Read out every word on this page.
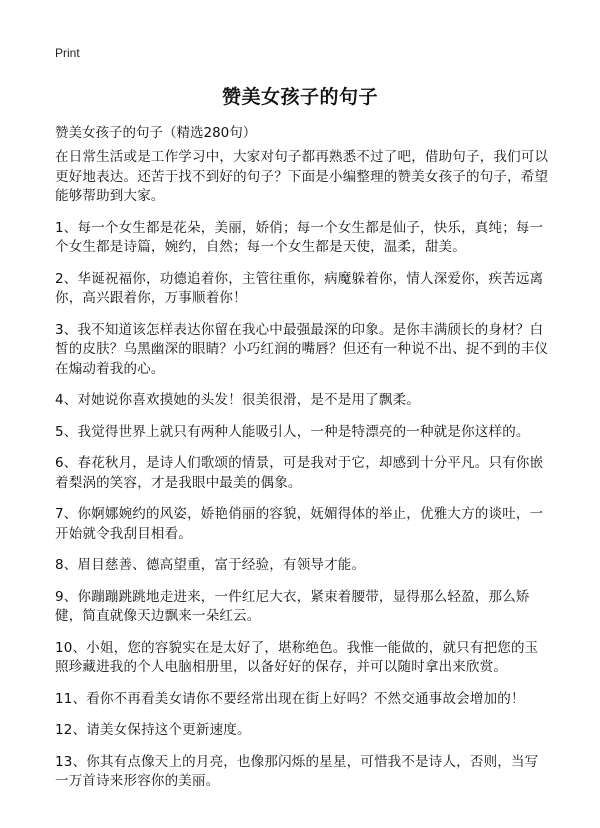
Print
赞美女孩子的句子
赞美女孩子的句子（精选280句）

在日常生活或是工作学习中，大家对句子都再熟悉不过了吧，借助句子，我们可以更好地表达。还苦于找不到好的句子？下面是小编整理的赞美女孩子的句子，希望能够帮助到大家。

1、每一个女生都是花朵，美丽，娇俏；每一个女生都是仙子，快乐，真纯；每一个女生都是诗篇，婉约，自然；每一个女生都是天使，温柔，甜美。

2、华诞祝福你，功德追着你，主管往重你，病魔躲着你，情人深爱你，疾苦远离你，高兴跟着你，万事顺着你！

3、我不知道该怎样表达你留在我心中最强最深的印象。是你丰满颀长的身材？白皙的皮肤？乌黑幽深的眼睛？小巧红润的嘴唇？但还有一种说不出、捉不到的丰仪在煽动着我的心。

4、对她说你喜欢摸她的头发！很美很滑，是不是用了飘柔。

5、我觉得世界上就只有两种人能吸引人，一种是特漂亮的一种就是你这样的。

6、春花秋月，是诗人们歌颂的情景，可是我对于它，却感到十分平凡。只有你嵌着梨涡的笑容，才是我眼中最美的偶象。

7、你婀娜婉约的风姿，娇艳俏丽的容貌，妩媚得体的举止，优雅大方的谈吐，一开始就令我刮目相看。

8、眉目慈善、德高望重，富于经验，有领导才能。

9、你蹦蹦跳跳地走进来，一件红尼大衣，紧束着腰带，显得那么轻盈，那么矫健，简直就像天边飘来一朵红云。

10、小姐，您的容貌实在是太好了，堪称绝色。我惟一能做的，就只有把您的玉照珍藏进我的个人电脑相册里，以备好好的保存，并可以随时拿出来欣赏。

11、看你不再看美女请你不要经常出现在街上好吗？不然交通事故会增加的！

12、请美女保持这个更新速度。

13、你其有点像天上的月亮，也像那闪烁的星星，可惜我不是诗人，否则，当写一万首诗来形容你的美丽。
